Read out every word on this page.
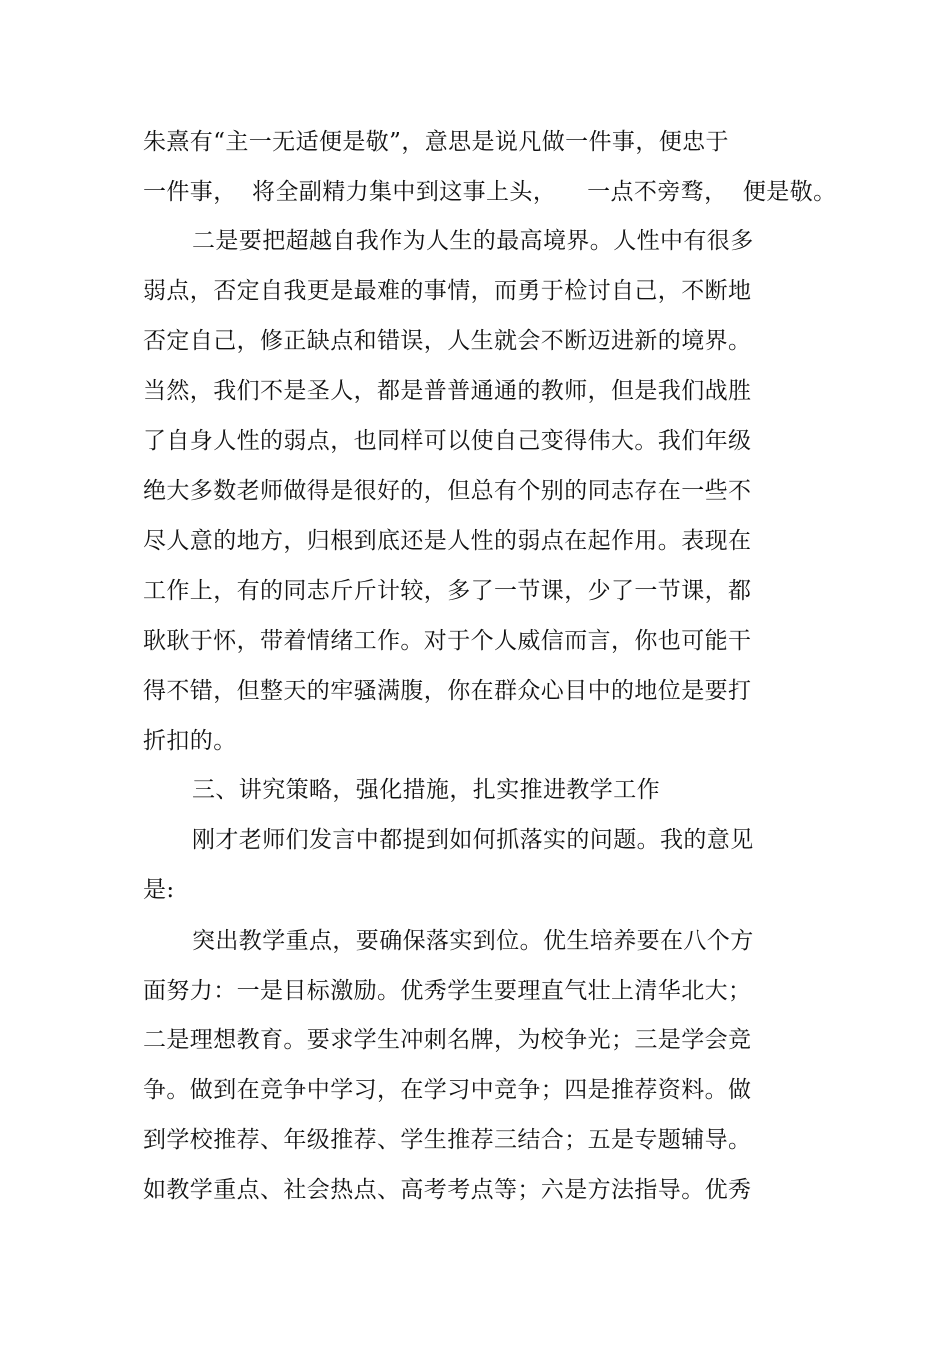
朱熹有“主一无适便是敬”，意思是说凡做一件事，便忠于

一件事，  将全副精力集中到这事上头，    一点不旁骛，  便是敬。

二是要把超越自我作为人生的最高境界。人性中有很多

弱点，否定自我更是最难的事情，而勇于检讨自己，不断地

否定自己，修正缺点和错误，人生就会不断迈进新的境界。

当然，我们不是圣人，都是普普通通的教师，但是我们战胜

了自身人性的弱点，也同样可以使自己变得伟大。我们年级

绝大多数老师做得是很好的，但总有个别的同志存在一些不

尽人意的地方，归根到底还是人性的弱点在起作用。表现在

工作上，有的同志斤斤计较，多了一节课，少了一节课，都

耿耿于怀，带着情绪工作。对于个人威信而言，你也可能干

得不错，但整天的牢骚满腹，你在群众心目中的地位是要打

折扣的。

三、讲究策略，强化措施，扎实推进教学工作

刚才老师们发言中都提到如何抓落实的问题。我的意见

是:

突出教学重点，要确保落实到位。优生培养要在八个方

面努力：一是目标激励。优秀学生要理直气壮上清华北大；

二是理想教育。要求学生冲刺名牌，为校争光；三是学会竞

争。做到在竞争中学习，在学习中竞争；四是推荐资料。做

到学校推荐、年级推荐、学生推荐三结合；五是专题辅导。

如教学重点、社会热点、高考考点等；六是方法指导。优秀
